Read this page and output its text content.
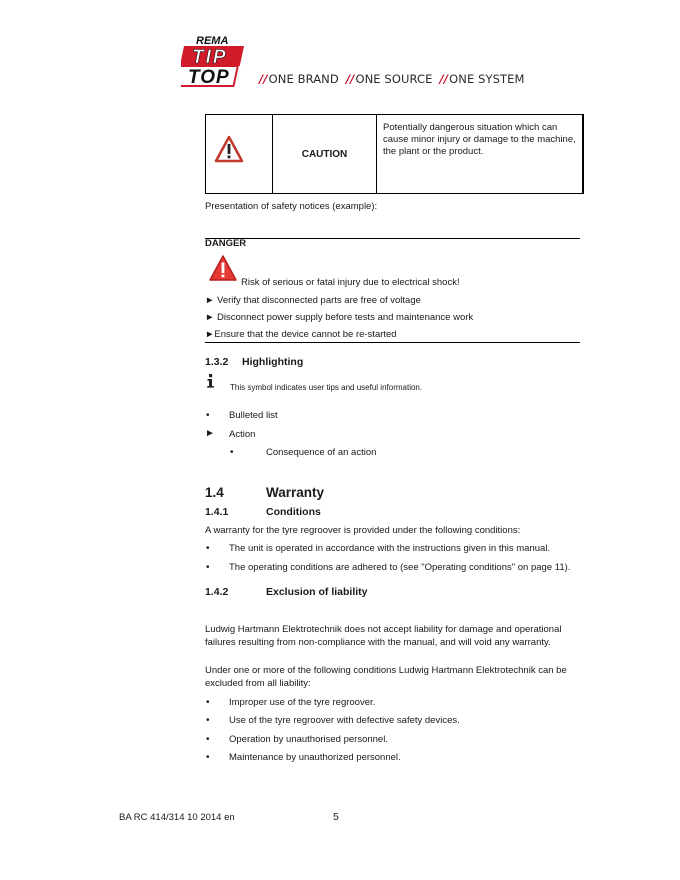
REMA
TIP
TOP	//ONE BRAND //ONE SOURCE //ONE SYSTEM
	CAUTION	Potentially dangerous situation which can cause minor injury or damage to the machine, the plant or the product.
Presentation of safety notices (example):
DANGER
Risk of serious or fatal injury due to electrical shock!
► Verify that disconnected parts are free of voltage
► Disconnect power supply before tests and maintenance work
►Ensure that the device cannot be re-started
1.3.2 Highlighting
This symbol indicates user tips and useful information.
• Bulleted list
► Action
•	Consequence of an action
1.4	Warranty
1.4.1	Conditions
A warranty for the tyre regroover is provided under the following conditions:
• The unit is operated in accordance with the instructions given in this manual.
• The operating conditions are adhered to (see "Operating conditions" on page 11).
1.4.2	Exclusion of liability
Ludwig Hartmann Elektrotechnik does not accept liability for damage and operational failures resulting from non-compliance with the manual, and will void any warranty.
Under one or more of the following conditions Ludwig Hartmann Elektrotechnik can be excluded from all liability:
• Improper use of the tyre regroover.
• Use of the tyre regroover with defective safety devices.
• Operation by unauthorised personnel.
• Maintenance by unauthorized personnel.
BA RC 414/314 10 2014 en	5
